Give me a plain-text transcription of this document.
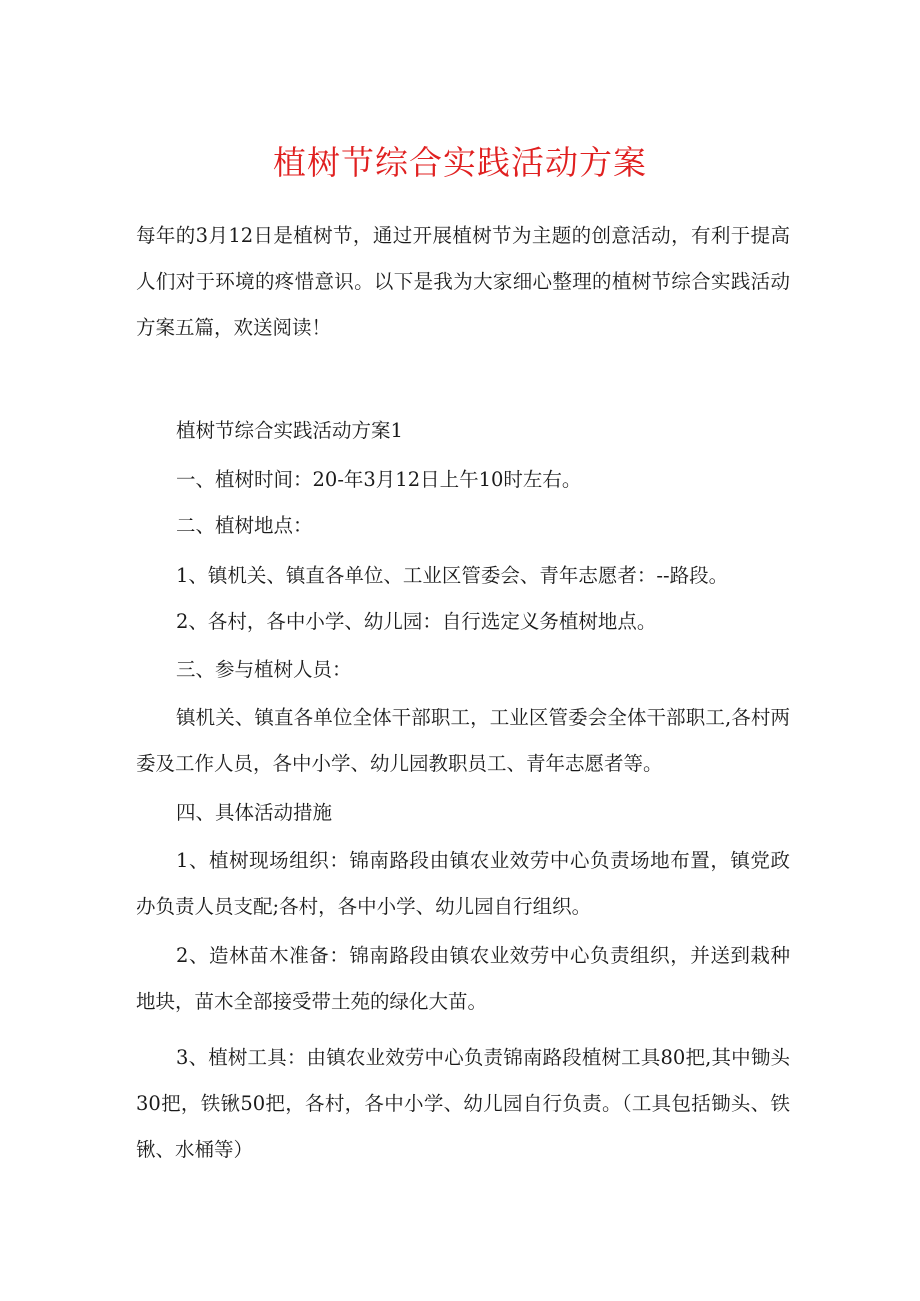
植树节综合实践活动方案

每年的3月12日是植树节，通过开展植树节为主题的创意活动，有利于提高人们对于环境的疼惜意识。以下是我为大家细心整理的植树节综合实践活动方案五篇，欢送阅读！

植树节综合实践活动方案1

一、植树时间：20-年3月12日上午10时左右。

二、植树地点：

1、镇机关、镇直各单位、工业区管委会、青年志愿者：--路段。

2、各村，各中小学、幼儿园：自行选定义务植树地点。

三、参与植树人员：

镇机关、镇直各单位全体干部职工，工业区管委会全体干部职工,各村两委及工作人员，各中小学、幼儿园教职员工、青年志愿者等。

四、具体活动措施

1、植树现场组织：锦南路段由镇农业效劳中心负责场地布置，镇党政办负责人员支配;各村，各中小学、幼儿园自行组织。

2、造林苗木准备：锦南路段由镇农业效劳中心负责组织，并送到栽种地块，苗木全部接受带土苑的绿化大苗。

3、植树工具：由镇农业效劳中心负责锦南路段植树工具80把,其中锄头30把，铁锹50把，各村，各中小学、幼儿园自行负责。（工具包括锄头、铁锹、水桶等）
